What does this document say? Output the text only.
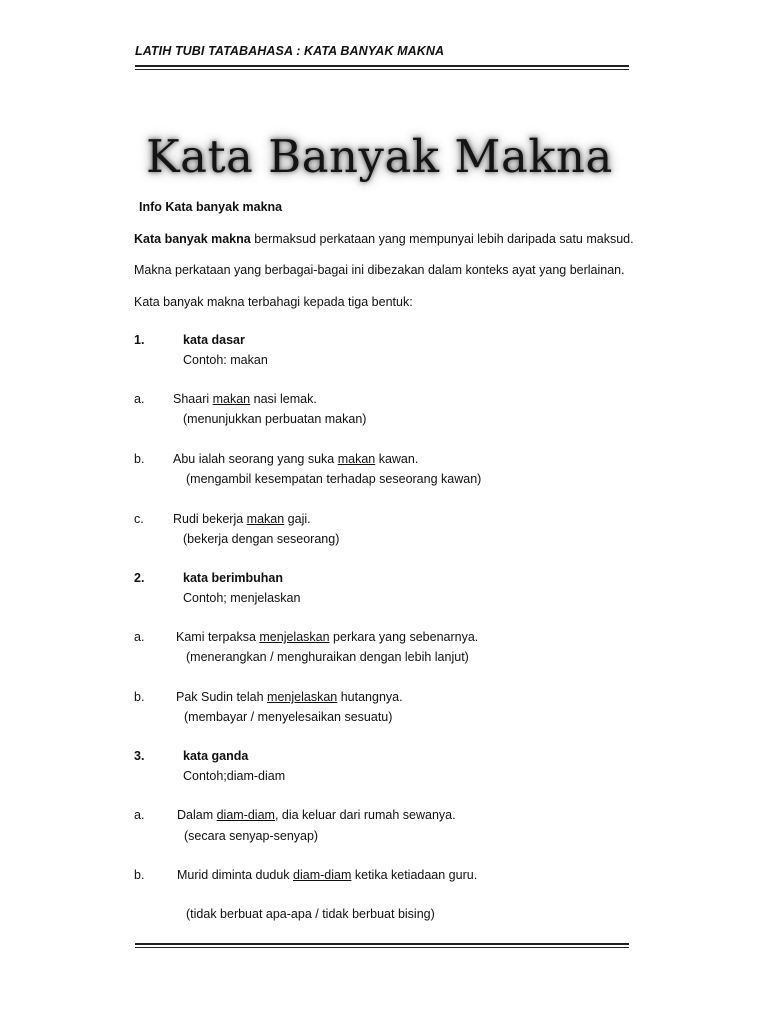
LATIH TUBI TATABAHASA : KATA BANYAK MAKNA
Kata Banyak Makna
Info Kata banyak makna
Kata banyak makna bermaksud perkataan yang mempunyai lebih daripada satu maksud.
Makna perkataan yang berbagai-bagai ini dibezakan dalam konteks ayat yang berlainan.
Kata banyak makna terbahagi kepada tiga bentuk:
1.	kata dasar
Contoh: makan
a. Shaari makan nasi lemak.
(menunjukkan perbuatan makan)
b. Abu ialah seorang yang suka makan kawan.
(mengambil kesempatan terhadap seseorang kawan)
c. Rudi bekerja makan gaji.
(bekerja dengan seseorang)
2.	kata berimbuhan
Contoh; menjelaskan
a.	Kami terpaksa menjelaskan perkara yang sebenarnya.
(menerangkan / menghuraikan dengan lebih lanjut)
b.	Pak Sudin telah menjelaskan hutangnya.
(membayar / menyelesaikan sesuatu)
3.	kata ganda
Contoh;diam-diam
a.	Dalam diam-diam, dia keluar dari rumah sewanya.
(secara senyap-senyap)
b.	Murid diminta duduk diam-diam ketika ketiadaan guru.
(tidak berbuat apa-apa / tidak berbuat bising)
